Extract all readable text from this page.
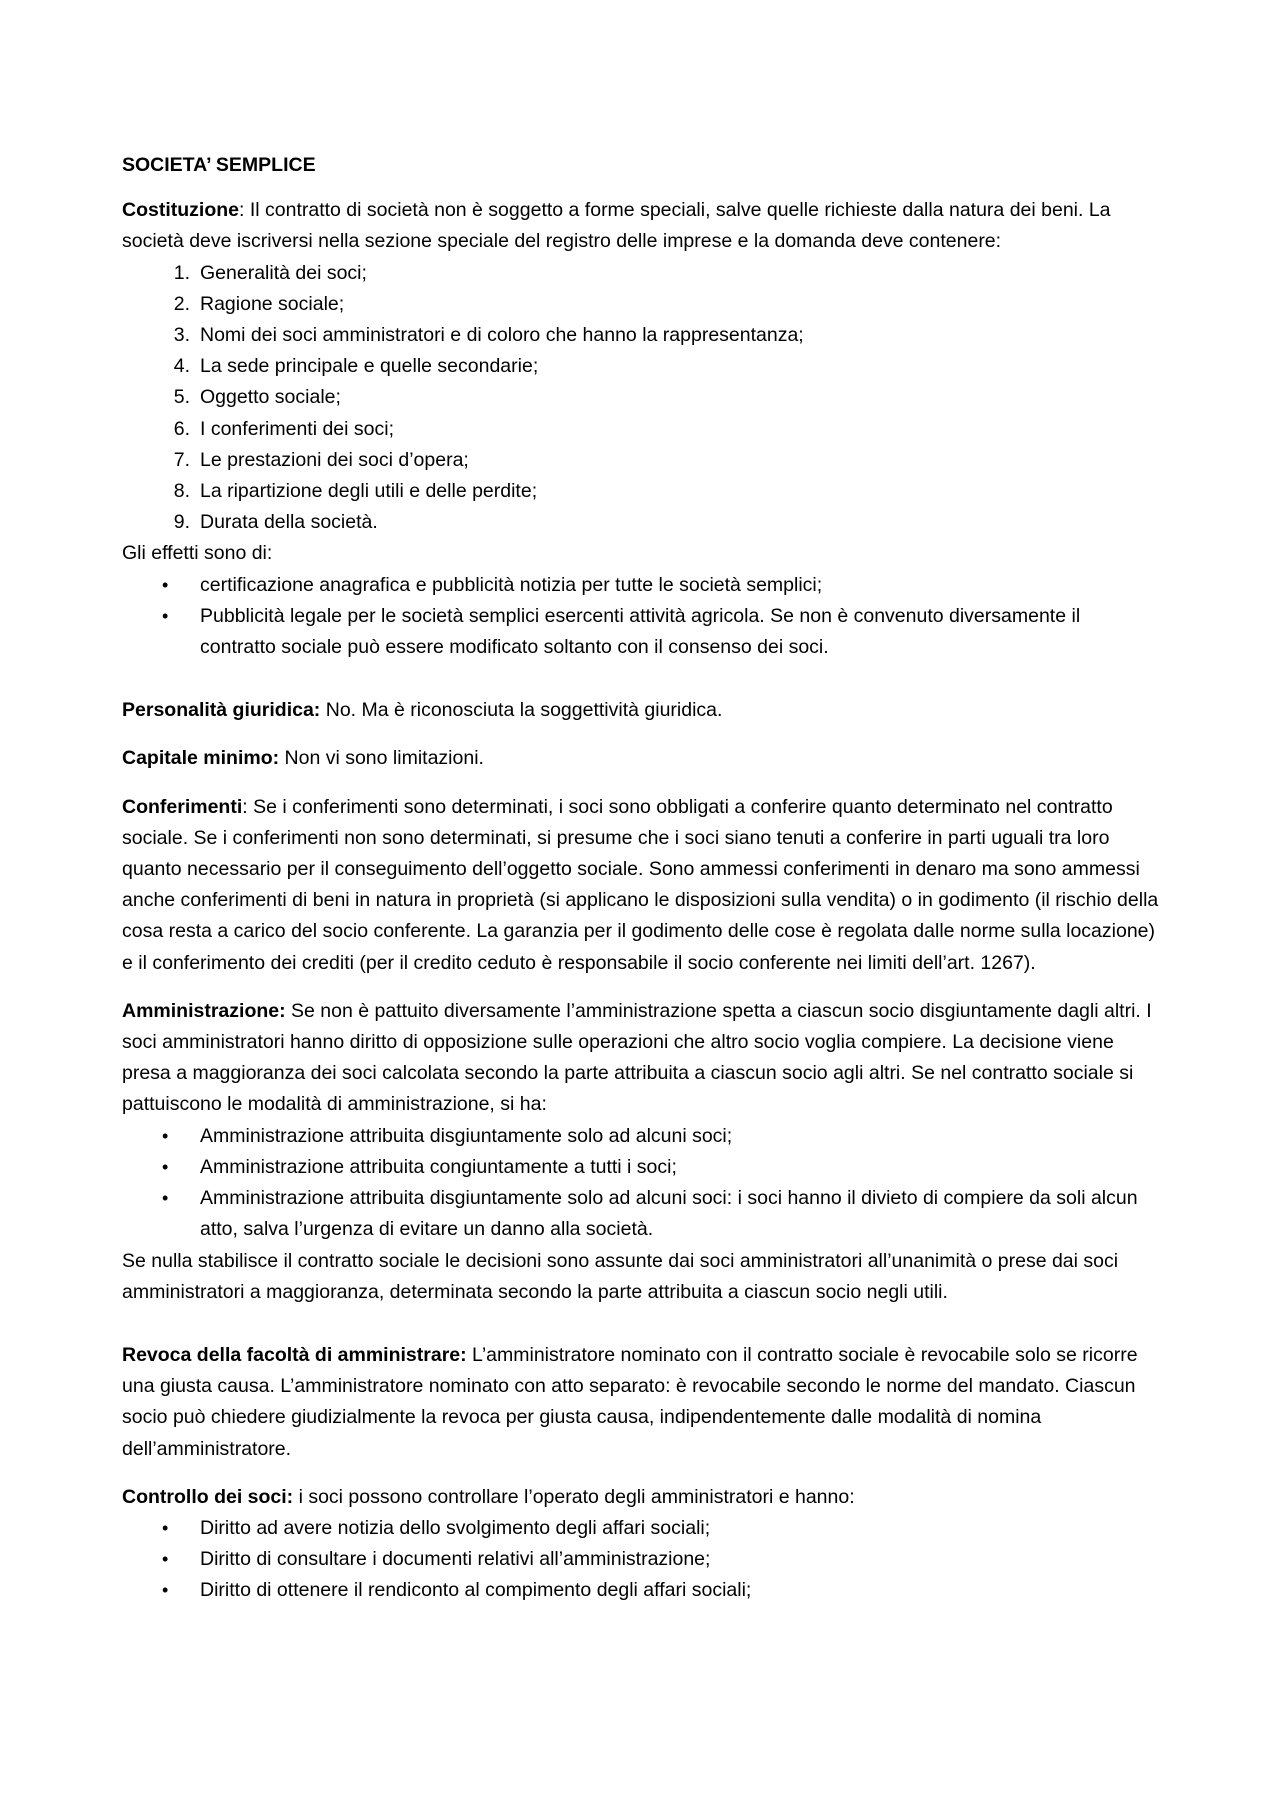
SOCIETA’ SEMPLICE

Costituzione: Il contratto di società non è soggetto a forme speciali, salve quelle richieste dalla natura dei beni. La società deve iscriversi nella sezione speciale del registro delle imprese e la domanda deve contenere:

1. Generalità dei soci;
2. Ragione sociale;
3. Nomi dei soci amministratori e di coloro che hanno la rappresentanza;
4. La sede principale e quelle secondarie;
5. Oggetto sociale;
6. I conferimenti dei soci;
7. Le prestazioni dei soci d’opera;
8. La ripartizione degli utili e delle perdite;
9. Durata della società.

Gli effetti sono di:

• certificazione anagrafica e pubblicità notizia per tutte le società semplici;
• Pubblicità legale per le società semplici esercenti attività agricola. Se non è convenuto diversamente il contratto sociale può essere modificato soltanto con il consenso dei soci.

Personalità giuridica: No. Ma è riconosciuta la soggettività giuridica.

Capitale minimo: Non vi sono limitazioni.

Conferimenti: Se i conferimenti sono determinati, i soci sono obbligati a conferire quanto determinato nel contratto sociale. Se i conferimenti non sono determinati, si presume che i soci siano tenuti a conferire in parti uguali tra loro quanto necessario per il conseguimento dell’oggetto sociale. Sono ammessi conferimenti in denaro ma sono ammessi anche conferimenti di beni in natura in proprietà (si applicano le disposizioni sulla vendita) o in godimento (il rischio della cosa resta a carico del socio conferente. La garanzia per il godimento delle cose è regolata dalle norme sulla locazione) e il conferimento dei crediti (per il credito ceduto è responsabile il socio conferente nei limiti dell’art. 1267).

Amministrazione: Se non è pattuito diversamente l’amministrazione spetta a ciascun socio disgiuntamente dagli altri. I soci amministratori hanno diritto di opposizione sulle operazioni che altro socio voglia compiere. La decisione viene presa a maggioranza dei soci calcolata secondo la parte attribuita a ciascun socio agli altri. Se nel contratto sociale si pattuiscono le modalità di amministrazione, si ha:

• Amministrazione attribuita disgiuntamente solo ad alcuni soci;
• Amministrazione attribuita congiuntamente a tutti i soci;
• Amministrazione attribuita disgiuntamente solo ad alcuni soci: i soci hanno il divieto di compiere da soli alcun atto, salva l’urgenza di evitare un danno alla società.

Se nulla stabilisce il contratto sociale le decisioni sono assunte dai soci amministratori all’unanimità o prese dai soci amministratori a maggioranza, determinata secondo la parte attribuita a ciascun socio negli utili.

Revoca della facoltà di amministrare: L’amministratore nominato con il contratto sociale è revocabile solo se ricorre una giusta causa. L’amministratore nominato con atto separato: è revocabile secondo le norme del mandato. Ciascun socio può chiedere giudizialmente la revoca per giusta causa, indipendentemente dalle modalità di nomina dell’amministratore.

Controllo dei soci: i soci possono controllare l’operato degli amministratori e hanno:

• Diritto ad avere notizia dello svolgimento degli affari sociali;
• Diritto di consultare i documenti relativi all’amministrazione;
• Diritto di ottenere il rendiconto al compimento degli affari sociali;
